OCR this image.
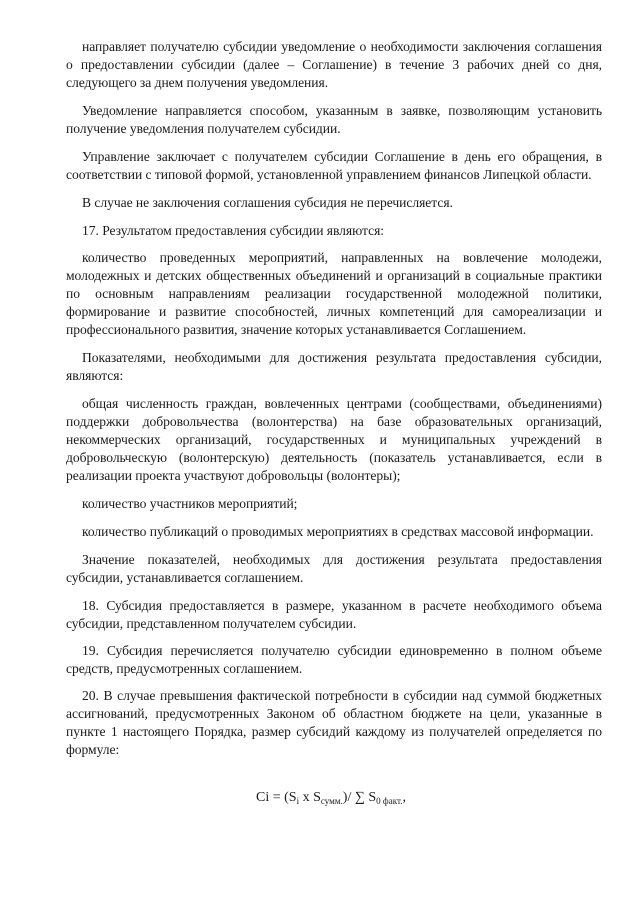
направляет получателю субсидии уведомление о необходимости заключения соглашения о предоставлении субсидии (далее – Соглашение) в течение 3 рабочих дней со дня, следующего за днем получения уведомления.

Уведомление направляется способом, указанным в заявке, позволяющим установить получение уведомления получателем субсидии.

Управление заключает с получателем субсидии Соглашение в день его обращения, в соответствии с типовой формой, установленной управлением финансов Липецкой области.

В случае не заключения соглашения субсидия не перечисляется.

17. Результатом предоставления субсидии являются:

количество проведенных мероприятий, направленных на вовлечение молодежи, молодежных и детских общественных объединений и организаций в социальные практики по основным направлениям реализации государственной молодежной политики, формирование и развитие способностей, личных компетенций для самореализации и профессионального развития, значение которых устанавливается Соглашением.

Показателями, необходимыми для достижения результата предоставления субсидии, являются:

общая численность граждан, вовлеченных центрами (сообществами, объединениями) поддержки добровольчества (волонтерства) на базе образовательных организаций, некоммерческих организаций, государственных и муниципальных учреждений в добровольческую (волонтерскую) деятельность (показатель устанавливается, если в реализации проекта участвуют добровольцы (волонтеры);

количество участников мероприятий;

количество публикаций о проводимых мероприятиях в средствах массовой информации.

Значение показателей, необходимых для достижения результата предоставления субсидии, устанавливается соглашением.

18. Субсидия предоставляется в размере, указанном в расчете необходимого объема субсидии, представленном получателем субсидии.

19. Субсидия перечисляется получателю субсидии единовременно в полном объеме средств, предусмотренных соглашением.

20. В случае превышения фактической потребности в субсидии над суммой бюджетных ассигнований, предусмотренных Законом об областном бюджете на цели, указанные в пункте 1 настоящего Порядка, размер субсидий каждому из получателей определяется по формуле:

$Ci = (S_i$ x $S_{сумм.})/$ ∑ $S_{0 факт.}$,
